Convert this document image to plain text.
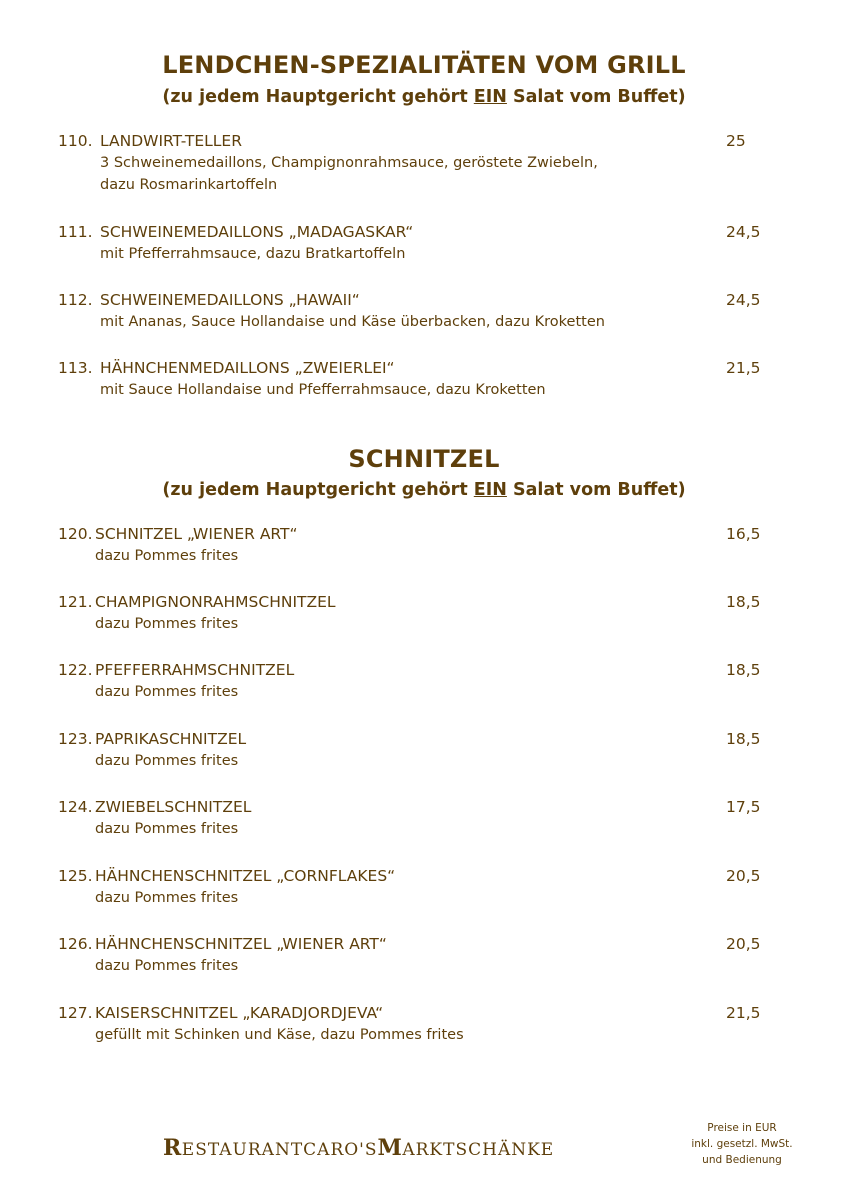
LENDCHEN-SPEZIALITÄTEN VOM GRILL
(zu jedem Hauptgericht gehört EIN Salat vom Buffet)
110. LANDWIRT-TELLER	25
3 Schweinemedaillons, Champignonrahmsauce, geröstete Zwiebeln,
dazu Rosmarinkartoffeln
111. SCHWEINEMEDAILLONS „MADAGASKAR“	24,5
mit Pfefferrahmsauce, dazu Bratkartoffeln
112. SCHWEINEMEDAILLONS „HAWAII“	24,5
mit Ananas, Sauce Hollandaise und Käse überbacken, dazu Kroketten
113. HÄHNCHENMEDAILLONS „ZWEIERLEI“	21,5
mit Sauce Hollandaise und Pfefferrahmsauce, dazu Kroketten
SCHNITZEL
(zu jedem Hauptgericht gehört EIN Salat vom Buffet)
120. SCHNITZEL „WIENER ART“	16,5
dazu Pommes frites
121. CHAMPIGNONRAHMSCHNITZEL	18,5
dazu Pommes frites
122. PFEFFERRAHMSCHNITZEL	18,5
dazu Pommes frites
123. PAPRIKASCHNITZEL	18,5
dazu Pommes frites
124. ZWIEBELSCHNITZEL	17,5
dazu Pommes frites
125. HÄHNCHENSCHNITZEL „CORNFLAKES“	20,5
dazu Pommes frites
126. HÄHNCHENSCHNITZEL „WIENER ART“	20,5
dazu Pommes frites
127. KAISERSCHNITZEL „KARADJORDJEVA“	21,5
gefüllt mit Schinken und Käse, dazu Pommes frites
RESTAURANTCARO'SMARKTSCHÄNKE
Preise in EUR
inkl. gesetzl. MwSt.
und Bedienung
